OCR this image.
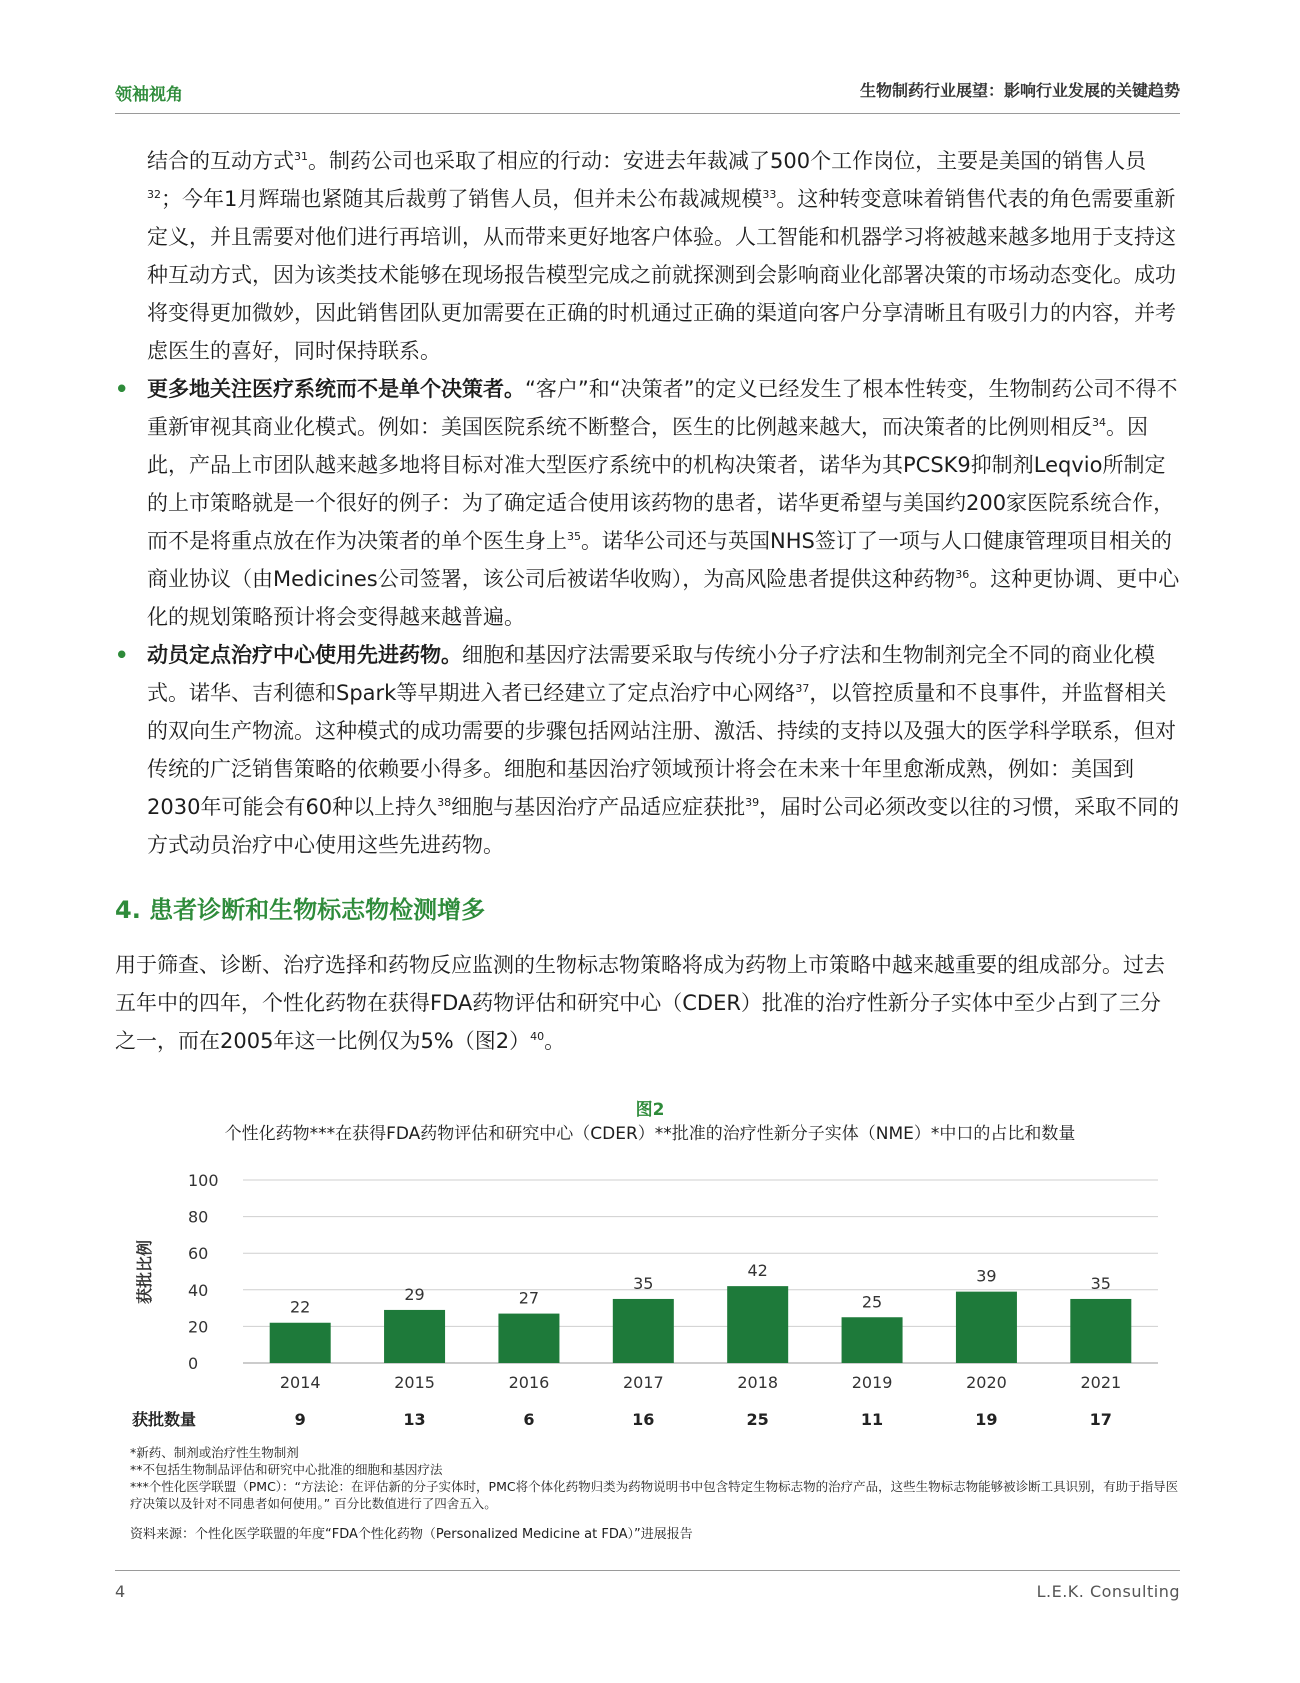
领袖视角	生物制药行业展望：影响行业发展的关键趋势

结合的互动方式$^{31}$。制药公司也采取了相应的行动：安进去年裁减了500个工作岗位，主要是美国的销售人员$^{32}$；今年1月辉瑞也紧随其后裁剪了销售人员，但并未公布裁减规模$^{33}$。这种转变意味着销售代表的角色需要重新定义，并且需要对他们进行再培训，从而带来更好地客户体验。人工智能和机器学习将被越来越多地用于支持这种互动方式，因为该类技术能够在现场报告模型完成之前就探测到会影响商业化部署决策的市场动态变化。成功将变得更加微妙，因此销售团队更加需要在正确的时机通过正确的渠道向客户分享清晰且有吸引力的内容，并考虑医生的喜好，同时保持联系。

• 更多地关注医疗系统而不是单个决策者。“客户”和“决策者”的定义已经发生了根本性转变，生物制药公司不得不重新审视其商业化模式。例如：美国医院系统不断整合，医生的比例越来越大，而决策者的比例则相反$^{34}$。因此，产品上市团队越来越多地将目标对准大型医疗系统中的机构决策者，诺华为其PCSK9抑制剂Leqvio所制定的上市策略就是一个很好的例子：为了确定适合使用该药物的患者，诺华更希望与美国约200家医院系统合作，而不是将重点放在作为决策者的单个医生身上$^{35}$。诺华公司还与英国NHS签订了一项与人口健康管理项目相关的商业协议（由Medicines公司签署，该公司后被诺华收购），为高风险患者提供这种药物$^{36}$。这种更协调、更中心化的规划策略预计将会变得越来越普遍。

• 动员定点治疗中心使用先进药物。细胞和基因疗法需要采取与传统小分子疗法和生物制剂完全不同的商业化模式。诺华、吉利德和Spark等早期进入者已经建立了定点治疗中心网络$^{37}$，以管控质量和不良事件，并监督相关的双向生产物流。这种模式的成功需要的步骤包括网站注册、激活、持续的支持以及强大的医学科学联系，但对传统的广泛销售策略的依赖要小得多。细胞和基因治疗领域预计将会在未来十年里愈渐成熟，例如：美国到2030年可能会有60种以上持久$^{38}$细胞与基因治疗产品适应症获批$^{39}$，届时公司必须改变以往的习惯，采取不同的方式动员治疗中心使用这些先进药物。

4. 患者诊断和生物标志物检测增多

用于筛查、诊断、治疗选择和药物反应监测的生物标志物策略将成为药物上市策略中越来越重要的组成部分。过去五年中的四年，个性化药物在获得FDA药物评估和研究中心（CDER）批准的治疗性新分子实体中至少占到了三分之一，而在2005年这一比例仅为5%（图2）$^{40}$。

图2
个性化药物***在获得FDA药物评估和研究中心（CDER）**批准的治疗性新分子实体（NME）*中口的占比和数量
0
20
40
60
80
100
获批比例
22
2014
9
29
2015
13
27
2016
6
35
2017
16
42
2018
25
25
2019
11
39
2020
19
35
2021
17
获批数量

*新药、制剂或治疗性生物制剂

**不包括生物制品评估和研究中心批准的细胞和基因疗法

***个性化医学联盟（PMC）：“方法论：在评估新的分子实体时，PMC将个体化药物归类为药物说明书中包含特定生物标志物的治疗产品，这些生物标志物能够被诊断工具识别，有助于指导医疗决策以及针对不同患者如何使用。” 百分比数值进行了四舍五入。

资料来源：个性化医学联盟的年度“FDA个性化药物（Personalized Medicine at FDA）”进展报告
4	L.E.K. Consulting
